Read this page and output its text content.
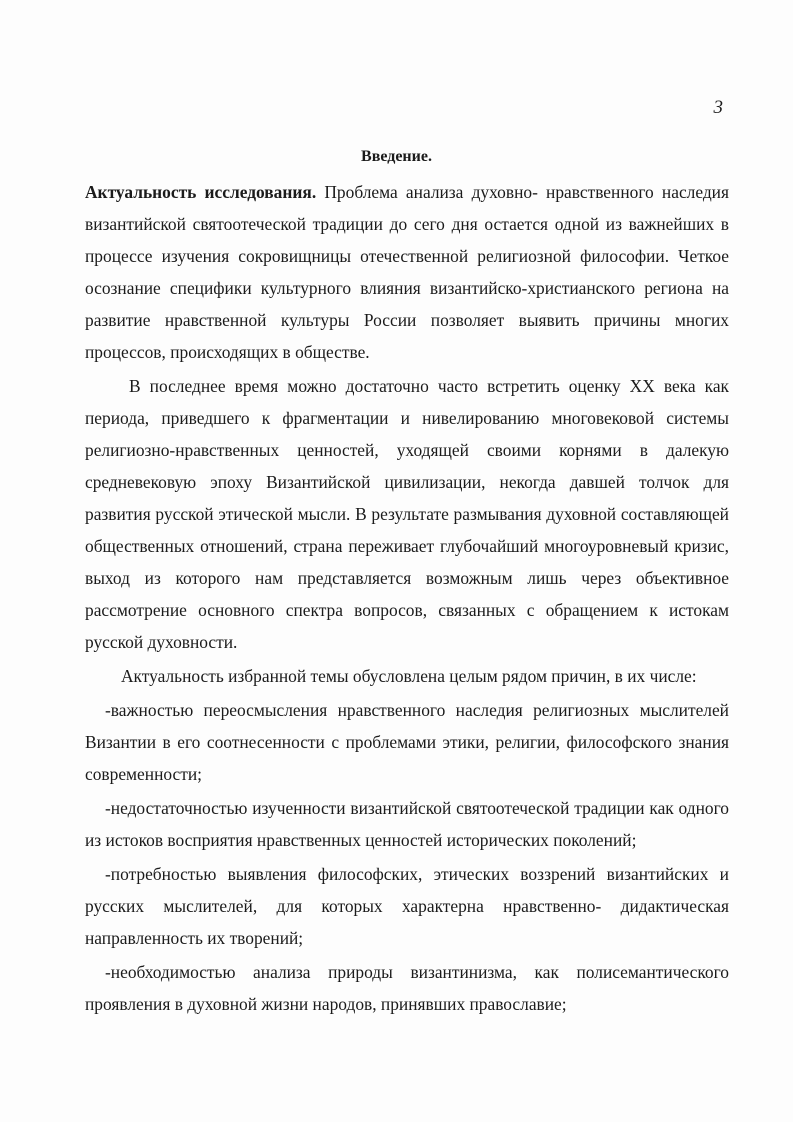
3
Введение.

Актуальность исследования. Проблема анализа духовно- нравственного наследия византийской святоотеческой традиции до сего дня остается одной из важнейших в процессе изучения сокровищницы отечественной религиозной философии. Четкое осознание специфики культурного влияния византийско-христианского региона на развитие нравственной культуры России позволяет выявить причины многих процессов, происходящих в обществе.

В последнее время можно достаточно часто встретить оценку XX века как периода, приведшего к фрагментации и нивелированию многовековой системы религиозно-нравственных ценностей, уходящей своими корнями в далекую средневековую эпоху Византийской цивилизации, некогда давшей толчок для развития русской этической мысли. В результате размывания духовной составляющей общественных отношений, страна переживает глубочайший многоуровневый кризис, выход из которого нам представляется возможным лишь через объективное рассмотрение основного спектра вопросов, связанных с обращением к истокам русской духовности.

Актуальность избранной темы обусловлена целым рядом причин, в их числе:

-важностью переосмысления нравственного наследия религиозных мыслителей Византии в его соотнесенности с проблемами этики, религии, философского знания современности;

-недостаточностью изученности византийской святоотеческой традиции как одного из истоков восприятия нравственных ценностей исторических поколений;

-потребностью выявления философских, этических воззрений византийских и русских мыслителей, для которых характерна нравственно- дидактическая направленность их творений;

-необходимостью анализа природы византинизма, как полисемантического проявления в духовной жизни народов, принявших православие;
